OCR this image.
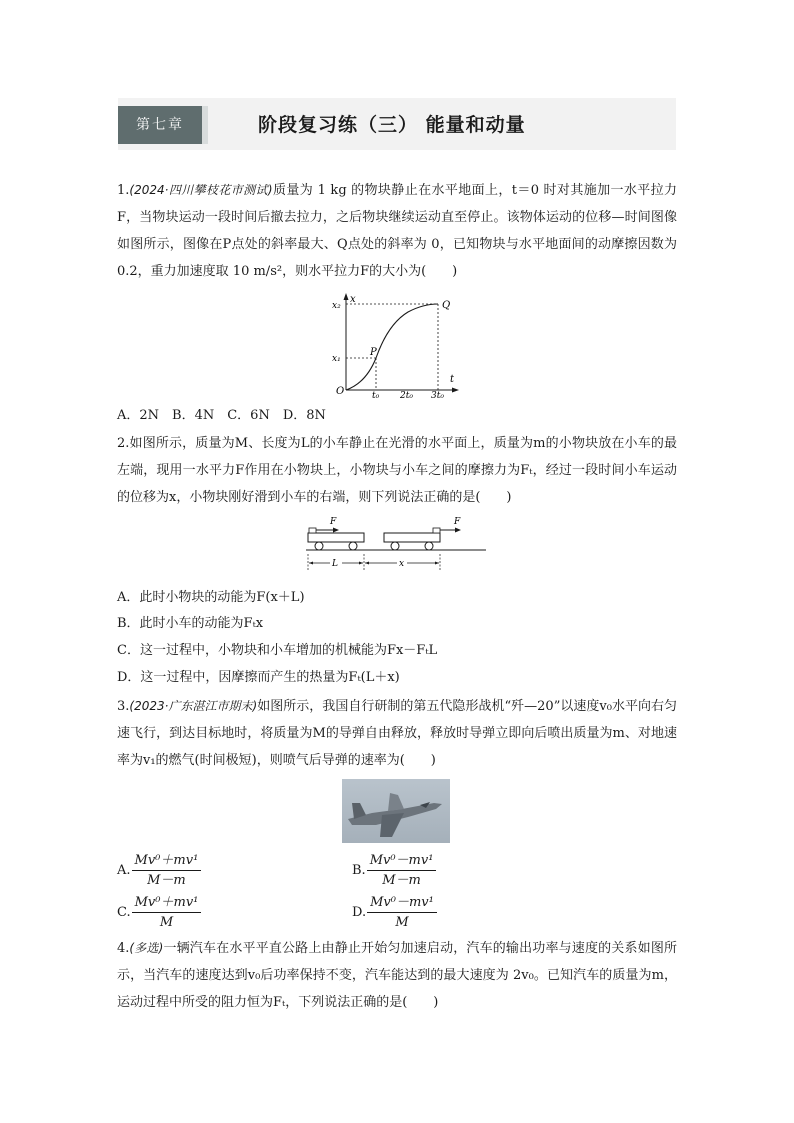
第七章	阶段复习练（三） 能量和动量
1.(2024·四川攀枝花市测试)质量为 1 kg 的物块静止在水平地面上，t＝0 时对其施加一水平拉力F，当物块运动一段时间后撤去拉力，之后物块继续运动直至停止。该物体运动的位移—时间图像如图所示，图像在P点处的斜率最大、Q点处的斜率为 0，已知物块与水平地面间的动摩擦因数为 0.2，重力加速度取 10 m/s²，则水平拉力F的大小为(　　)
x
t
O
P
Q
x₂
x₁
t₀ 2t₀ 3t₀
A．2N　B．4N　C．6N　D．8N
2.如图所示，质量为M、长度为L的小车静止在光滑的水平面上，质量为m的小物块放在小车的最左端，现用一水平力F作用在小物块上，小物块与小车之间的摩擦力为Fₜ，经过一段时间小车运动的位移为x，小物块刚好滑到小车的右端，则下列说法正确的是(　　)
F	F
L	x
A．此时小物块的动能为F(x＋L)
B．此时小车的动能为Fₜx
C．这一过程中，小物块和小车增加的机械能为Fx－FₜL
D．这一过程中，因摩擦而产生的热量为Fₜ(L＋x)
3.(2023·广东湛江市期末)如图所示，我国自行研制的第五代隐形战机“歼—20”以速度v₀水平向右匀速飞行，到达目标地时，将质量为M的导弹自由释放，释放时导弹立即向后喷出质量为m、对地速率为v₁的燃气(时间极短)，则喷气后导弹的速率为(　　)
A. $\frac{\text{Mv⁰＋mv¹}}{M-m}$	B. $\frac{\text{Mv⁰－mv¹}}{M-m}$
C. $\frac{\text{Mv⁰＋mv¹}}{M}$	D. $\frac{\text{Mv⁰－mv¹}}{M}$
4.(多选)一辆汽车在水平平直公路上由静止开始匀加速启动，汽车的输出功率与速度的关系如图所示，当汽车的速度达到v₀后功率保持不变，汽车能达到的最大速度为 2v₀。已知汽车的质量为m，运动过程中所受的阻力恒为Fₜ，下列说法正确的是(　　)
